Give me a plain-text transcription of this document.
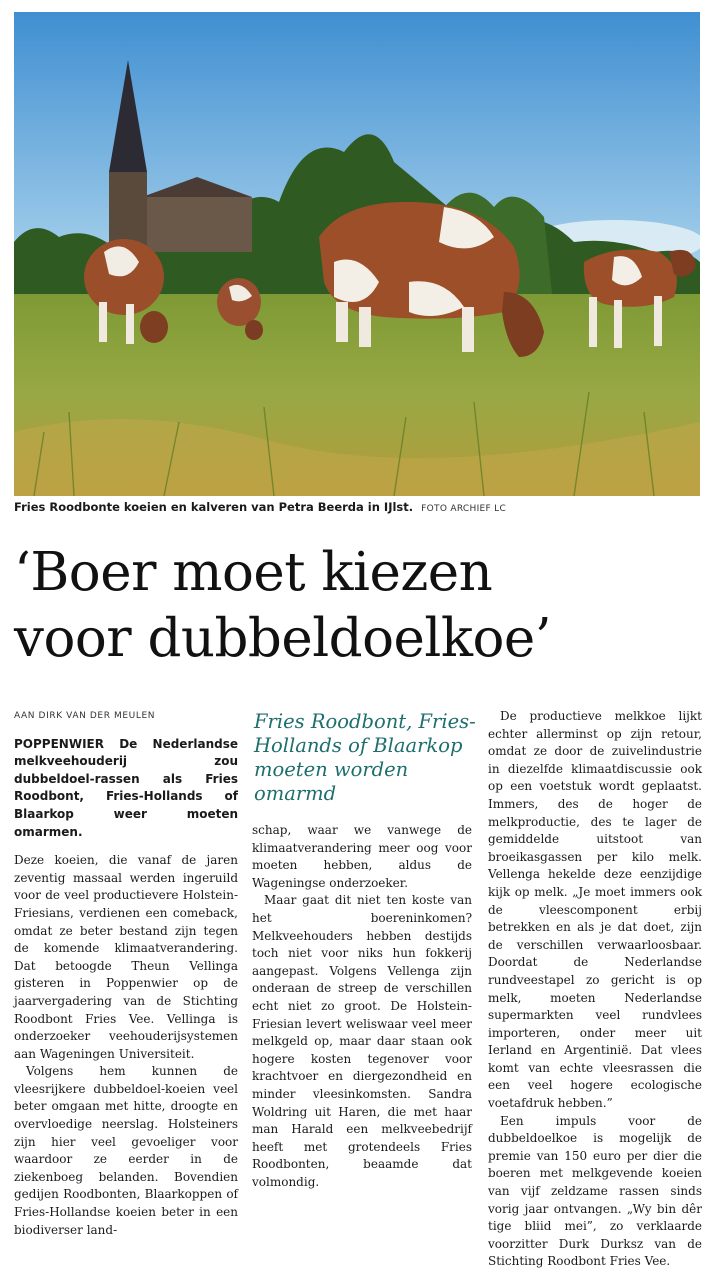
Fries Roodbonte koeien en kalveren van Petra Beerda in IJlst. FOTO ARCHIEF LC
‘Boer moet kiezen
voor dubbeldoelkoe’
AAN DIRK VAN DER MEULEN
POPPENWIER De Nederlandse melkveehouderij zou dubbeldoel-rassen als Fries Roodbont, Fries-Hollands of Blaarkop weer moeten omarmen.

Deze koeien, die vanaf de jaren zeventig massaal werden ingeruild voor de veel productievere Holstein-Friesians, verdienen een comeback, omdat ze beter bestand zijn tegen de komende klimaatverandering. Dat betoogde Theun Vellinga gisteren in Poppenwier op de jaarvergadering van de Stichting Roodbont Fries Vee. Vellinga is onderzoeker veehouderijsystemen aan Wageningen Universiteit.

Volgens hem kunnen de vleesrijkere dubbeldoel-koeien veel beter omgaan met hitte, droogte en overvloedige neerslag. Holsteiners zijn hier veel gevoeliger voor waardoor ze eerder in de ziekenboeg belanden. Bovendien gedijen Roodbonten, Blaarkoppen of Fries-Hollandse koeien beter in een biodiverser land-

Fries Roodbont, Fries-Hollands of Blaarkop moeten worden omarmd

schap, waar we vanwege de klimaatverandering meer oog voor moeten hebben, aldus de Wageningse onderzoeker.

Maar gaat dit niet ten koste van het boereninkomen? Melkveehouders hebben destijds toch niet voor niks hun fokkerij aangepast. Volgens Vellenga zijn onderaan de streep de verschillen echt niet zo groot. De Holstein-Friesian levert weliswaar veel meer melkgeld op, maar daar staan ook hogere kosten tegenover voor krachtvoer en diergezondheid en minder vleesinkomsten. Sandra Woldring uit Haren, die met haar man Harald een melkveebedrijf heeft met grotendeels Fries Roodbonten, beaamde dat volmondig.

De productieve melkkoe lijkt echter allerminst op zijn retour, omdat ze door de zuivelindustrie in diezelfde klimaatdiscussie ook op een voetstuk wordt geplaatst. Immers, des de hoger de melkproductie, des te lager de gemiddelde uitstoot van broeikasgassen per kilo melk. Vellenga hekelde deze eenzijdige kijk op melk. „Je moet immers ook de vleescomponent erbij betrekken en als je dat doet, zijn de verschillen verwaarloosbaar. Doordat de Nederlandse rundveestapel zo gericht is op melk, moeten Nederlandse supermarkten veel rundvlees importeren, onder meer uit Ierland en Argentinië. Dat vlees komt van echte vleesrassen die een veel hogere ecologische voetafdruk hebben.”

Een impuls voor de dubbeldoelkoe is mogelijk de premie van 150 euro per dier die boeren met melkgevende koeien van vijf zeldzame rassen sinds vorig jaar ontvangen. „Wy bin dêr tige bliid mei”, zo verklaarde voorzitter Durk Durksz van de Stichting Roodbont Fries Vee.
